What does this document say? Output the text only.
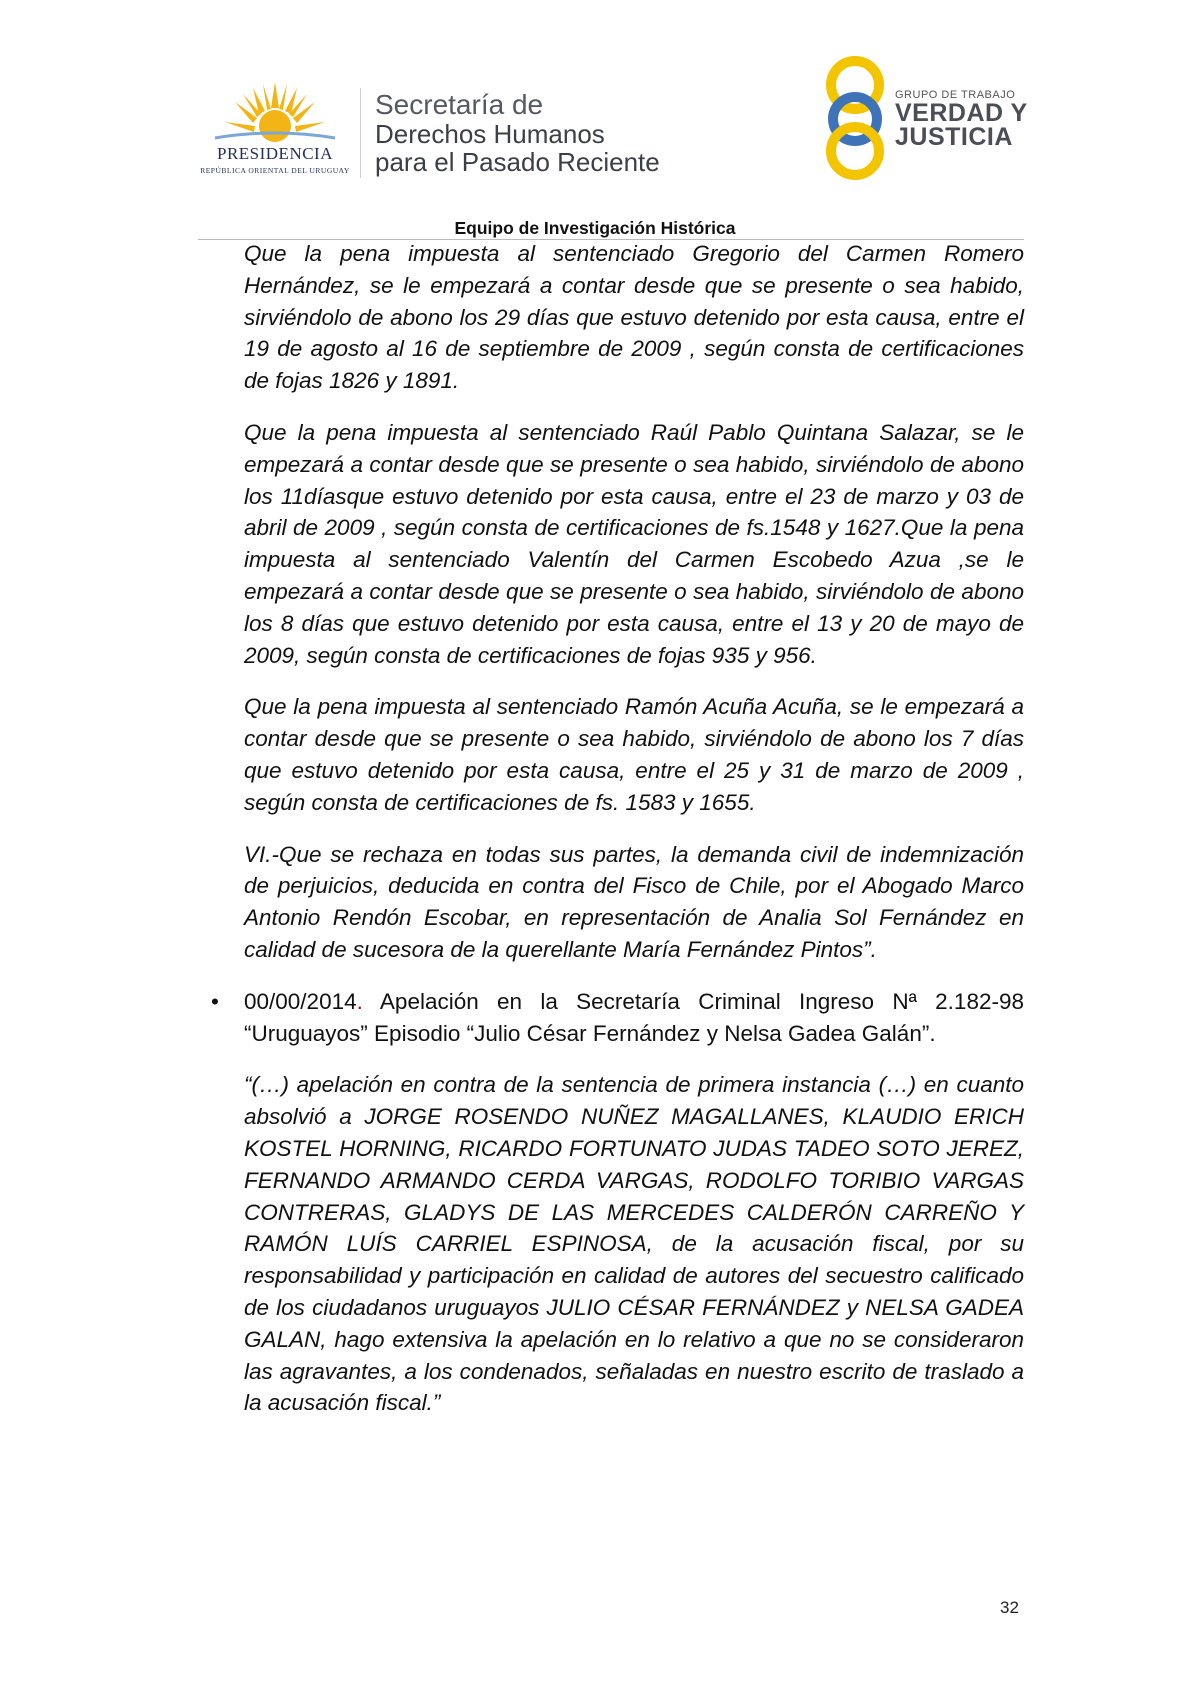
PRESIDENCIA
REPÚBLICA ORIENTAL DEL URUGUAY
Secretaría de
Derechos Humanos
para el Pasado Reciente
GRUPO DE TRABAJO
VERDAD Y
JUSTICIA
Equipo de Investigación Histórica

Que la pena impuesta al sentenciado Gregorio del Carmen Romero Hernández, se le empezará a contar desde que se presente o sea habido, sirviéndolo de abono los 29 días que estuvo detenido por esta causa, entre el 19 de agosto al 16 de septiembre de 2009 , según consta de certificaciones de fojas 1826 y 1891.

Que la pena impuesta al sentenciado Raúl Pablo Quintana Salazar, se le empezará a contar desde que se presente o sea habido, sirviéndolo de abono los 11díasque estuvo detenido por esta causa, entre el 23 de marzo y 03 de abril de 2009 , según consta de certificaciones de fs.1548 y 1627.Que la pena impuesta al sentenciado Valentín del Carmen Escobedo Azua ,se le empezará a contar desde que se presente o sea habido, sirviéndolo de abono los 8 días que estuvo detenido por esta causa, entre el 13 y 20 de mayo de 2009, según consta de certificaciones de fojas 935 y 956.

Que la pena impuesta al sentenciado Ramón Acuña Acuña, se le empezará a contar desde que se presente o sea habido, sirviéndolo de abono los 7 días que estuvo detenido por esta causa, entre el 25 y 31 de marzo de 2009 , según consta de certificaciones de fs. 1583 y 1655.

VI.-Que se rechaza en todas sus partes, la demanda civil de indemnización de perjuicios, deducida en contra del Fisco de Chile, por el Abogado Marco Antonio Rendón Escobar, en representación de Analia Sol Fernández en calidad de sucesora de la querellante María Fernández Pintos”.

• 00/00/2014. Apelación en la Secretaría Criminal Ingreso Nª 2.182-98 “Uruguayos” Episodio “Julio César Fernández y Nelsa Gadea Galán”.

“(…) apelación en contra de la sentencia de primera instancia (…) en cuanto absolvió a JORGE ROSENDO NUÑEZ MAGALLANES, KLAUDIO ERICH KOSTEL HORNING, RICARDO FORTUNATO JUDAS TADEO SOTO JEREZ, FERNANDO ARMANDO CERDA VARGAS, RODOLFO TORIBIO VARGAS CONTRERAS, GLADYS DE LAS MERCEDES CALDERÓN CARREÑO Y RAMÓN LUÍS CARRIEL ESPINOSA, de la acusación fiscal, por su responsabilidad y participación en calidad de autores del secuestro calificado de los ciudadanos uruguayos JULIO CÉSAR FERNÁNDEZ y NELSA GADEA GALAN, hago extensiva la apelación en lo relativo a que no se consideraron las agravantes, a los condenados, señaladas en nuestro escrito de traslado a la acusación fiscal.”

32
